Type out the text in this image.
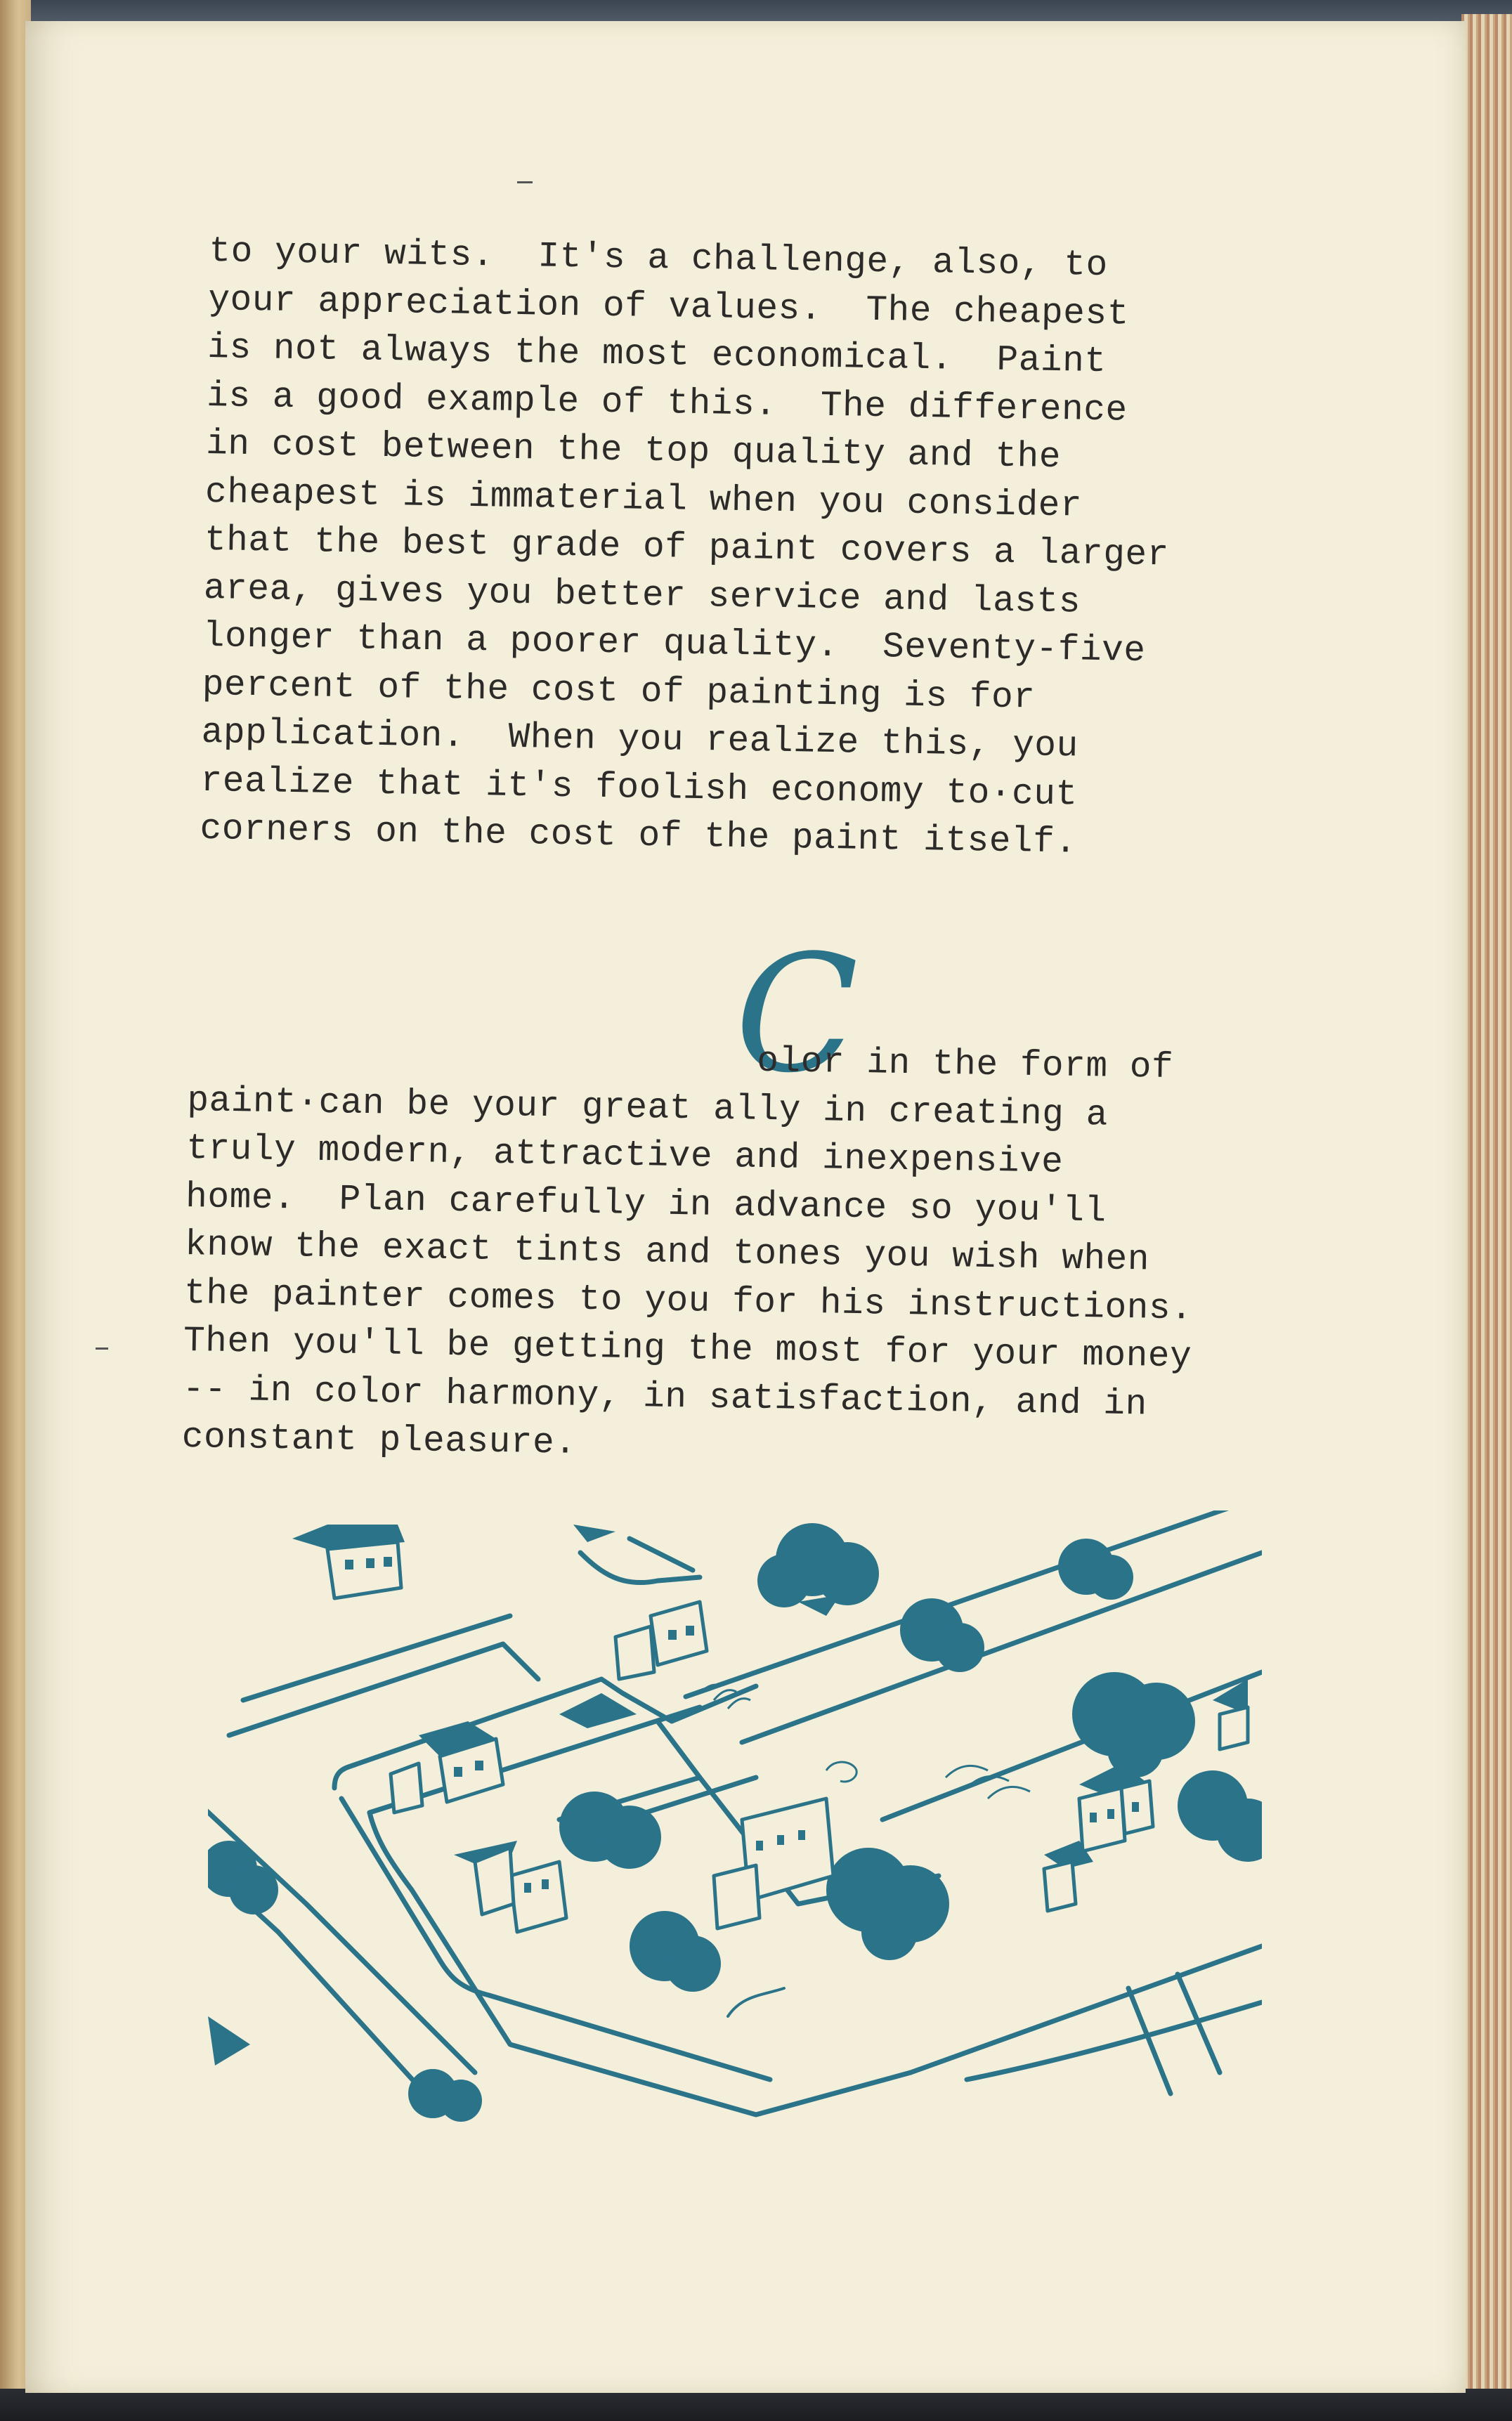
to your wits.  It's a challenge, also, to
your appreciation of values.  The cheapest
is not always the most economical.  Paint
is a good example of this.  The difference
in cost between the top quality and the
cheapest is immaterial when you consider
that the best grade of paint covers a larger
area, gives you better service and lasts
longer than a poorer quality.  Seventy-five
percent of the cost of painting is for
application.  When you realize this, you
realize that it's foolish economy to·cut
corners on the cost of the paint itself.
C
olor in the form of
paint·can be your great ally in creating a
truly modern, attractive and inexpensive
home.  Plan carefully in advance so you'll
know the exact tints and tones you wish when
the painter comes to you for his instructions.
Then you'll be getting the most for your money
-- in color harmony, in satisfaction, and in
constant pleasure.
